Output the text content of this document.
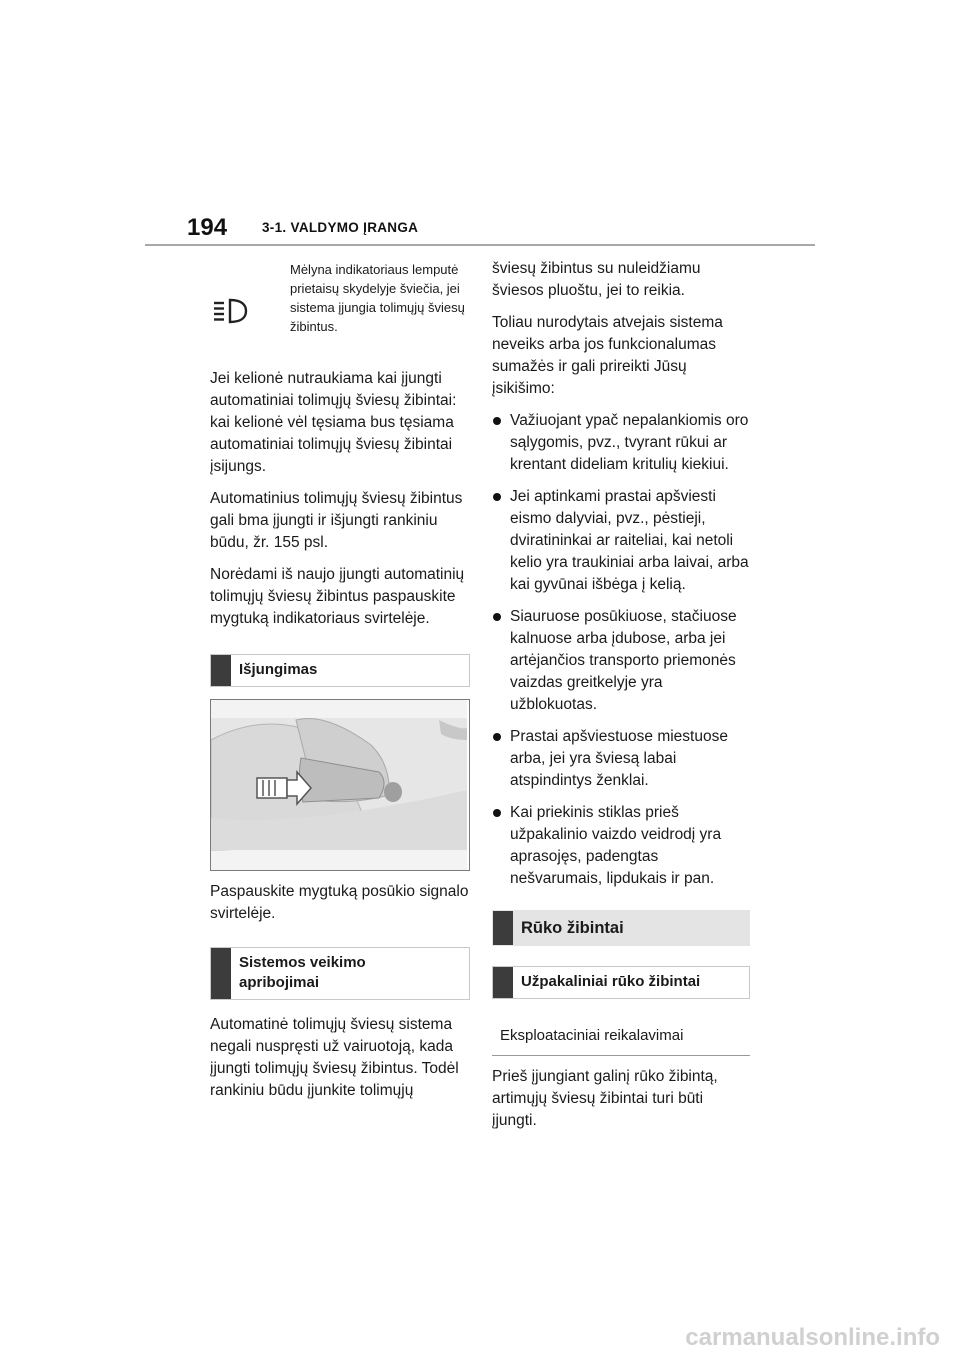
194	3-1. VALDYMO ĮRANGA
Mėlyna indikatoriaus lemputė prietaisų skydelyje šviečia, jei sistema įjungia tolimųjų šviesų žibintus.

Jei kelionė nutraukiama kai įjungti automatiniai tolimųjų šviesų žibintai: kai kelionė vėl tęsiama bus tęsiama automatiniai tolimųjų šviesų žibintai įsijungs.

Automatinius tolimųjų šviesų žibintus gali bma įjungti ir išjungti rankiniu būdu, žr. 155 psl.

Norėdami iš naujo įjungti automatinių tolimųjų šviesų žibintus paspauskite mygtuką indikatoriaus svirtelėje.

Išjungimas

Paspauskite mygtuką posūkio signalo svirtelėje.

Sistemos veikimo apribojimai

Automatinė tolimųjų šviesų sistema negali nuspręsti už vairuotoją, kada įjungti tolimųjų šviesų žibintus. Todėl rankiniu būdu įjunkite tolimųjų

šviesų žibintus su nuleidžiamu šviesos pluoštu, jei to reikia.

Toliau nurodytais atvejais sistema neveiks arba jos funkcionalumas sumažės ir gali prireikti Jūsų įsikišimo:

Važiuojant ypač nepalankiomis oro sąlygomis, pvz., tvyrant rūkui ar krentant dideliam kritulių kiekiui.
Jei aptinkami prastai apšviesti eismo dalyviai, pvz., pėstieji, dviratininkai ar raiteliai, kai netoli kelio yra traukiniai arba laivai, arba kai gyvūnai išbėga į kelią.
Siauruose posūkiuose, stačiuose kalnuose arba įdubose, arba jei artėjančios transporto priemonės vaizdas greitkelyje yra užblokuotas.
Prastai apšviestuose miestuose arba, jei yra šviesą labai atspindintys ženklai.
Kai priekinis stiklas prieš užpakalinio vaizdo veidrodį yra aprasojęs, padengtas nešvarumais, lipdukais ir pan.
Rūko žibintai
Užpakaliniai rūko žibintai
Eksploataciniai reikalavimai

Prieš įjungiant galinį rūko žibintą, artimųjų šviesų žibintai turi būti įjungti.

carmanualsonline.info
